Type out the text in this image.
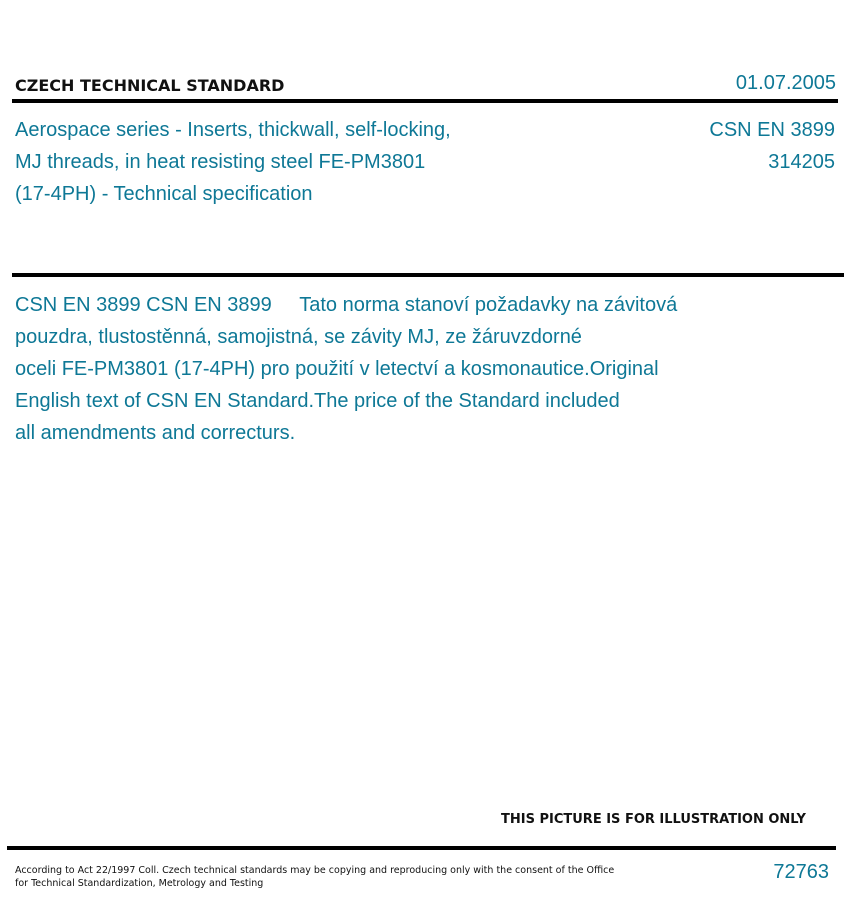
CZECH TECHNICAL STANDARD	01.07.2005
Aerospace series - Inserts, thickwall, self-locking,
MJ threads, in heat resisting steel FE-PM3801
(17-4PH) - Technical specification
CSN EN 3899
314205
CSN EN 3899 CSN EN 3899     Tato norma stanoví požadavky na závitová
pouzdra, tlustostěnná, samojistná, se závity MJ, ze žáruvzdorné
oceli FE-PM3801 (17-4PH) pro použití v letectví a kosmonautice.Original
English text of CSN EN Standard.The price of the Standard included
all amendments and correcturs.
THIS PICTURE IS FOR ILLUSTRATION ONLY
According to Act 22/1997 Coll. Czech technical standards may be copying and reproducing only with the consent of the Office
for Technical Standardization, Metrology and Testing
72763
